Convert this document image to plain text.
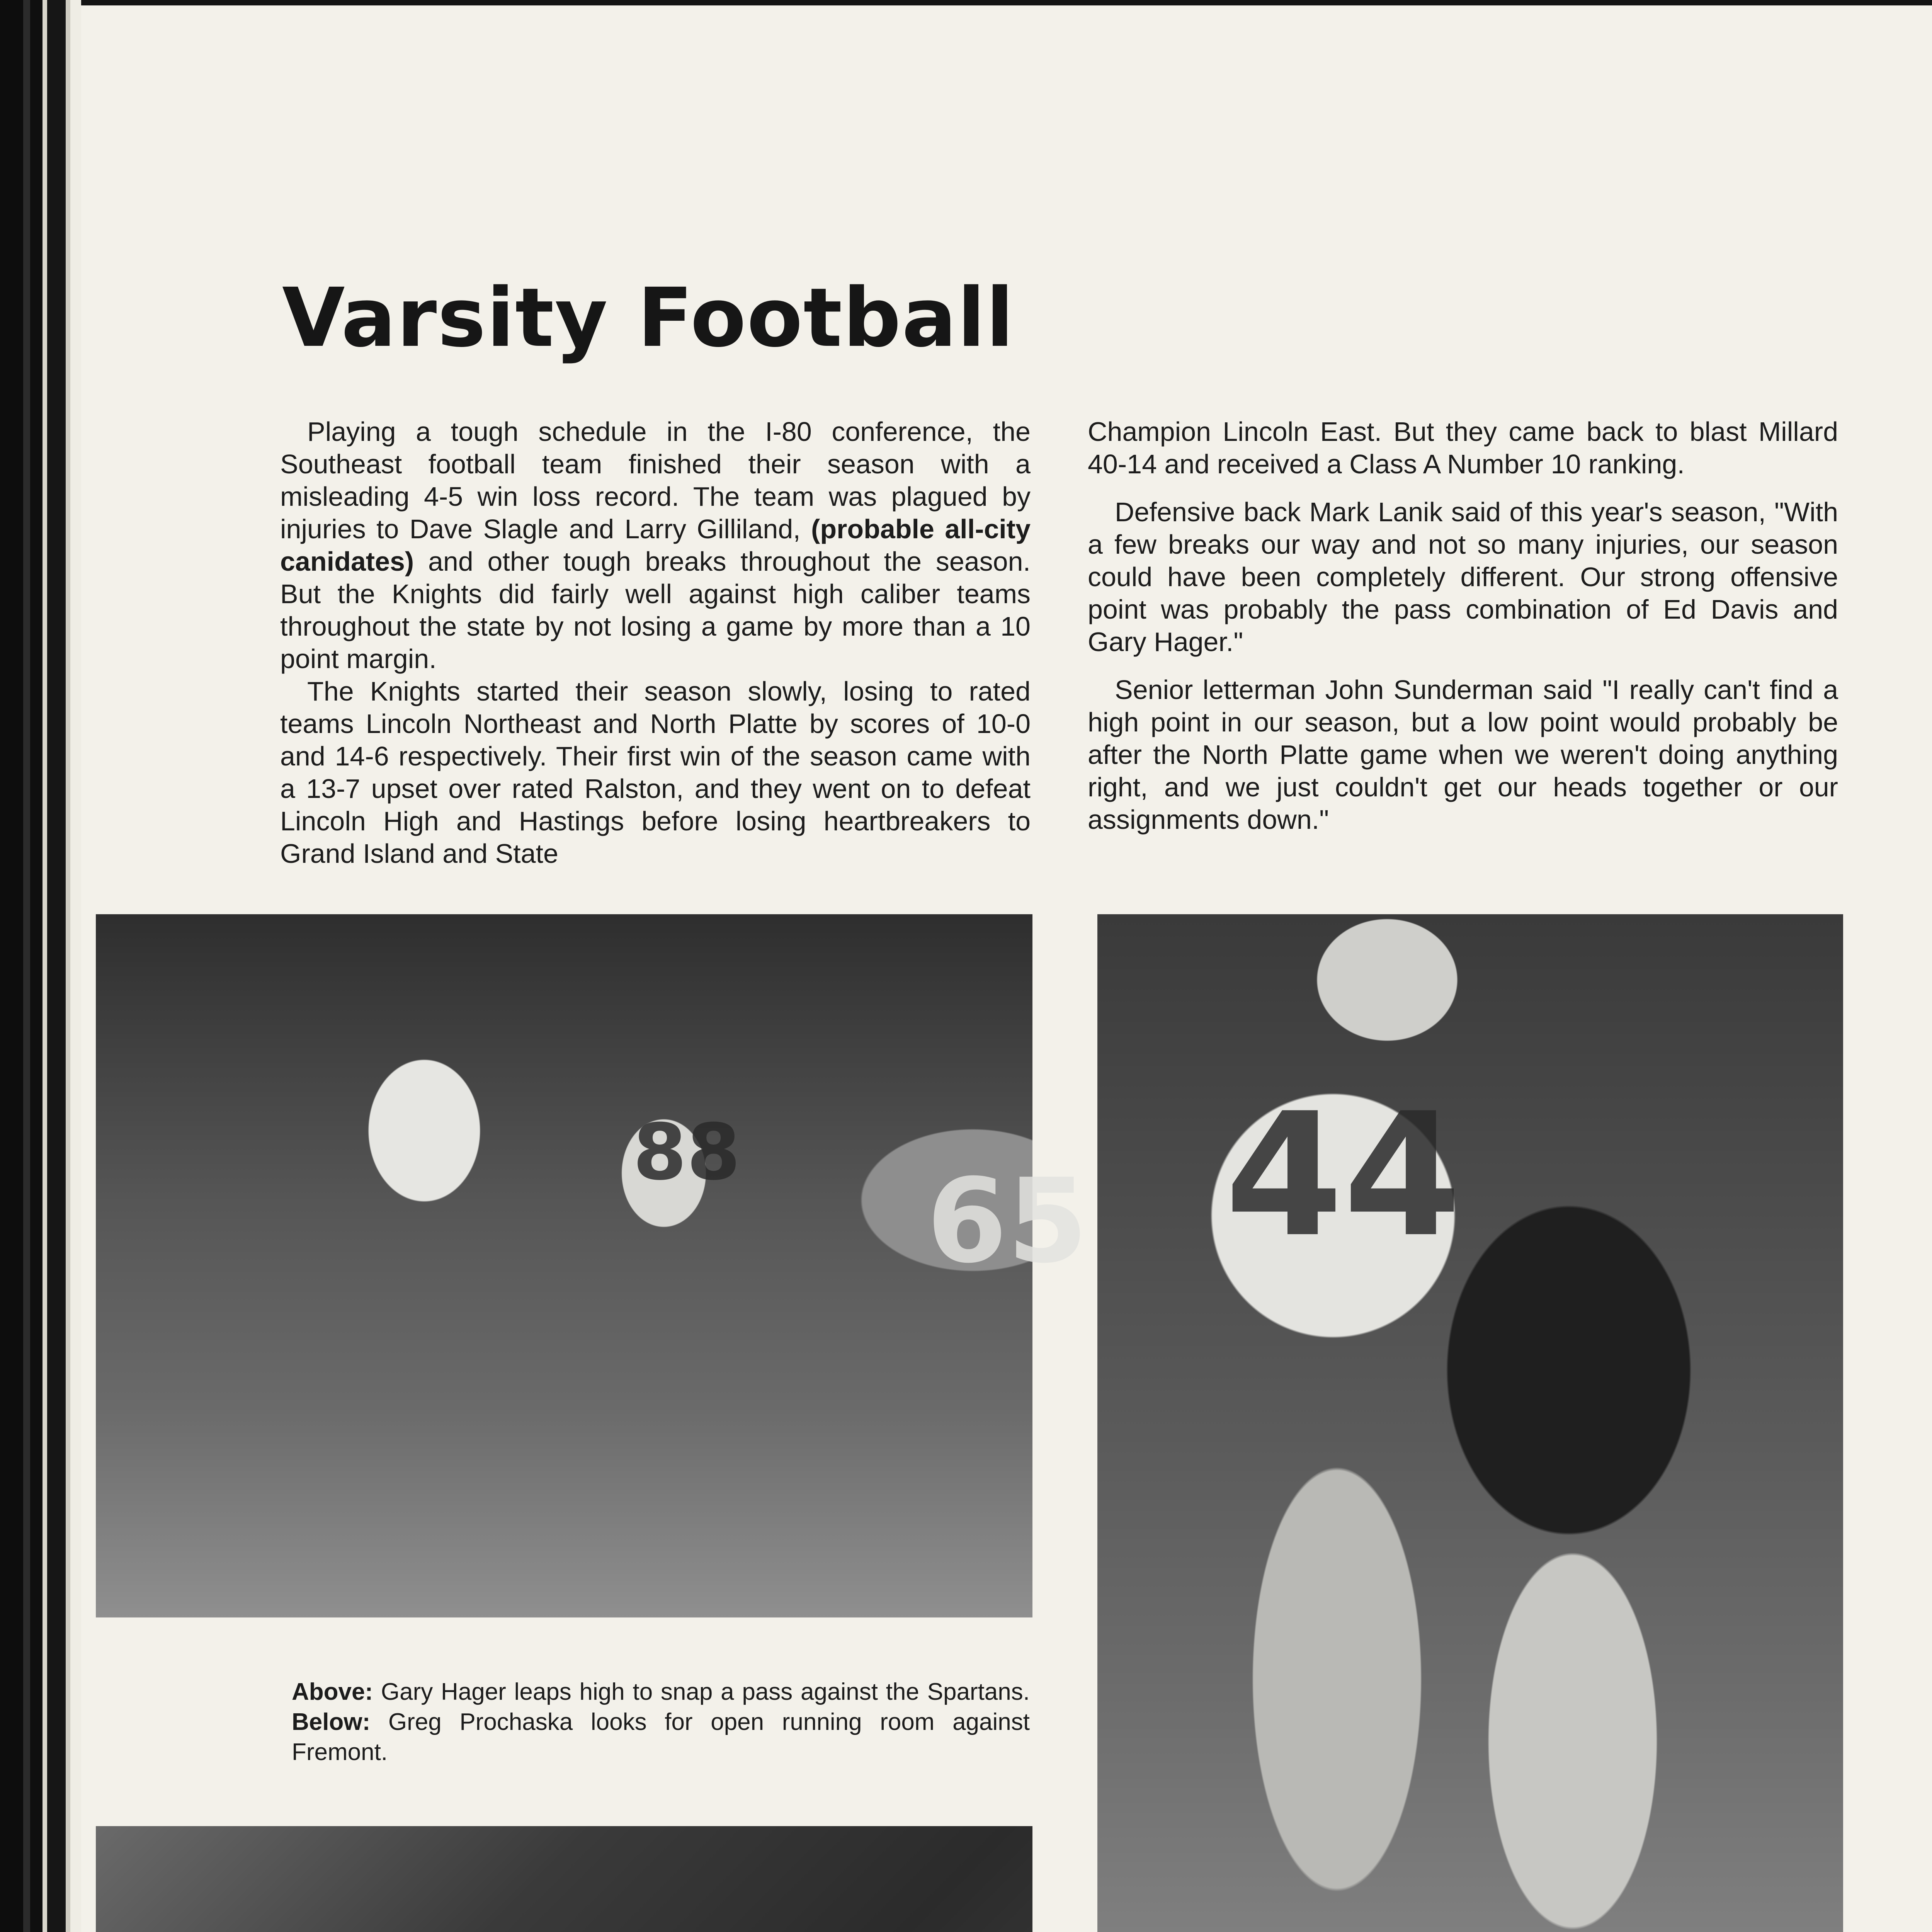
Varsity Football

Playing a tough schedule in the I-80 conference, the Southeast football team finished their season with a misleading 4-5 win loss record. The team was plagued by injuries to Dave Slagle and Larry Gilliland, (probable all-city canidates) and other tough breaks throughout the season. But the Knights did fairly well against high caliber teams throughout the state by not losing a game by more than a 10 point margin.

The Knights started their season slowly, losing to rated teams Lincoln Northeast and North Platte by scores of 10-0 and 14-6 respectively. Their first win of the season came with a 13-7 upset over rated Ralston, and they went on to defeat Lincoln High and Hastings before losing heartbreakers to Grand Island and State

Champion Lincoln East. But they came back to blast Millard 40-14 and received a Class A Number 10 ranking.

Defensive back Mark Lanik said of this year's season, "With a few breaks our way and not so many injuries, our season could have been completely different. Our strong offensive point was probably the pass combination of Ed Davis and Gary Hager."

Senior letterman John Sunderman said "I really can't find a high point in our season, but a low point would probably be after the North Platte game when we weren't doing anything right, and we just couldn't get our heads together or our assignments down."

65
88	44

Above: Gary Hager leaps high to snap a pass against the Spartans. Below: Greg Prochaska looks for open running room against Fremont.
